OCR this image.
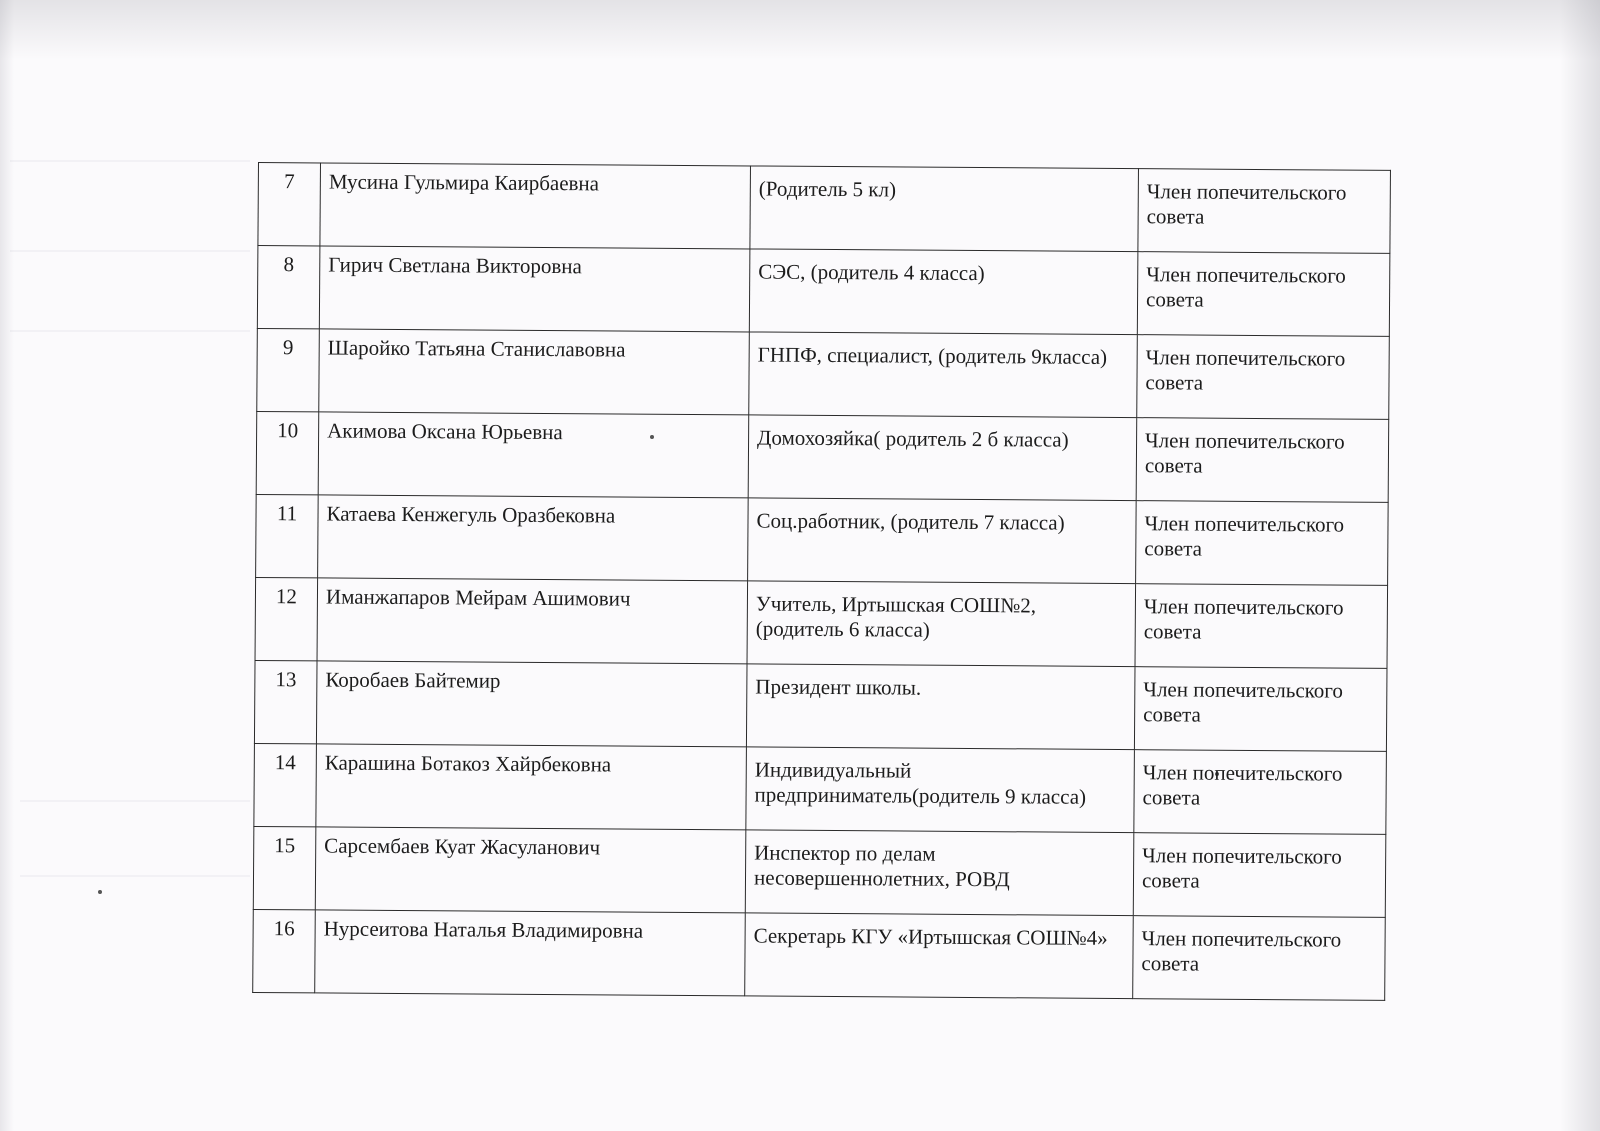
7	Мусина Гульмира Каирбаевна	(Родитель 5 кл)	Член попечительского совета
8	Гирич Светлана Викторовна	СЭС, (родитель 4 класса)	Член попечительского совета
9	Шаройко Татьяна Станиславовна	ГНПФ, специалист, (родитель 9класса)	Член попечительского совета
10	Акимова Оксана Юрьевна	Домохозяйка( родитель 2 б класса)	Член попечительского совета
11	Катаева Кенжегуль Оразбековна	Соц.работник, (родитель 7 класса)	Член попечительского совета
12	Иманжапаров Мейрам Ашимович	Учитель, Иртышская СОШ№2, (родитель 6 класса)	Член попечительского совета
13	Коробаев Байтемир	Президент школы.	Член попечительского совета
14	Карашина Ботакоз Хайрбековна	Индивидуальный предприниматель(родитель 9 класса)	Член попечительского совета
15	Сарсембаев Куат Жасуланович	Инспектор по делам несовершеннолетних, РОВД	Член попечительского совета
16	Нурсеитова Наталья Владимировна	Секретарь КГУ «Иртышская СОШ№4»	Член попечительского совета
